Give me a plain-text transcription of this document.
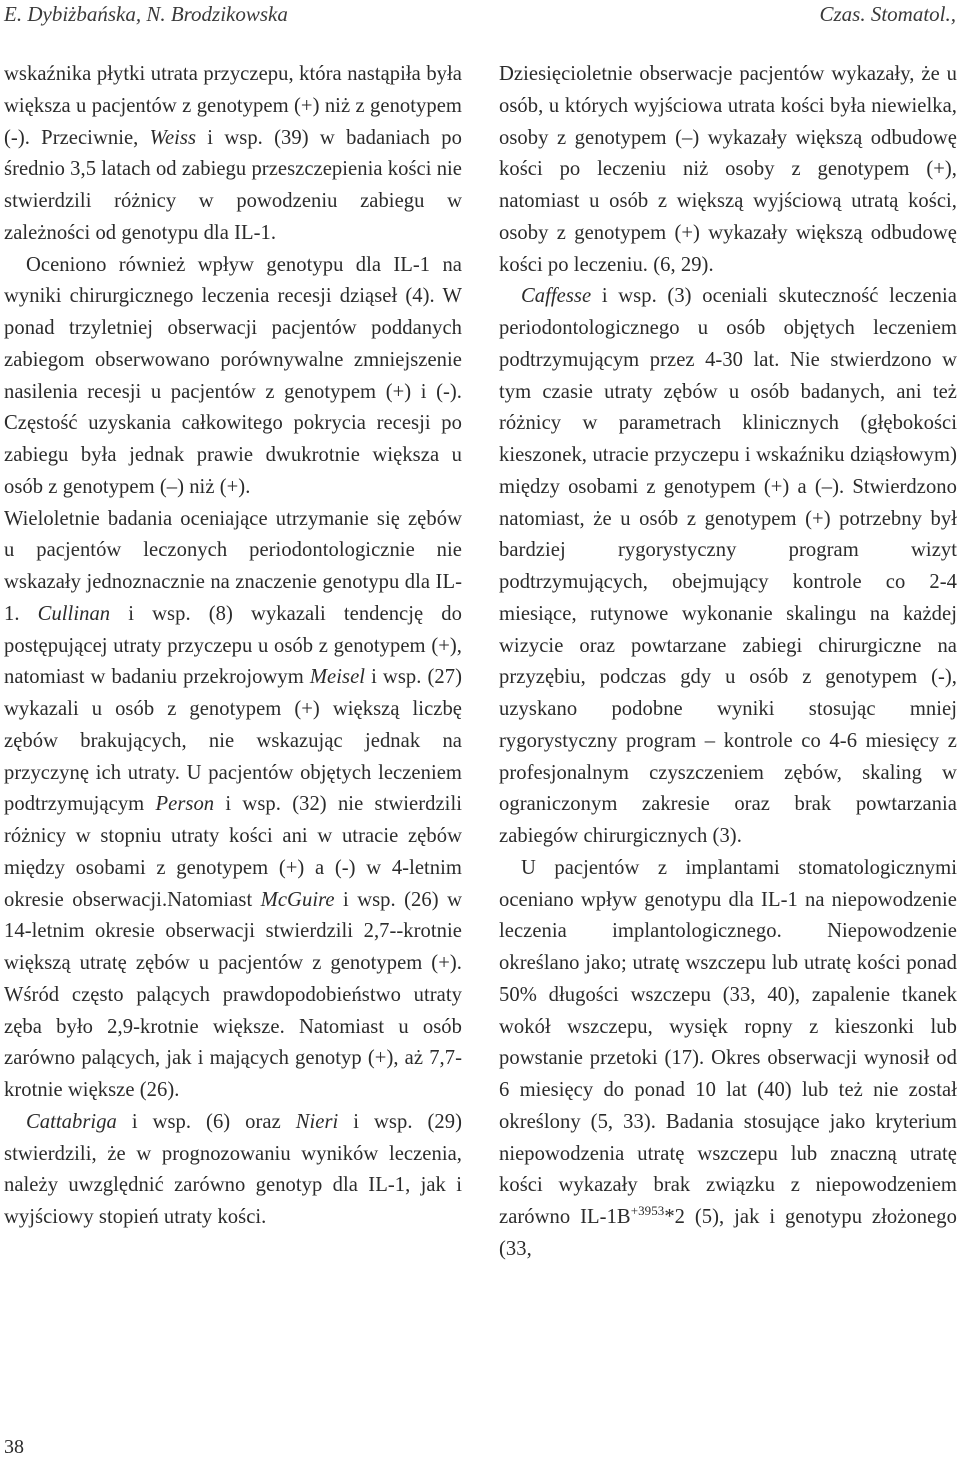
E. Dybiżbańska, N. Brodzikowska	Czas. Stomatol.,

wskaźnika płytki utrata przyczepu, która nastąpiła była większa u pacjentów z genotypem (+) niż z genotypem (-). Przeciwnie, Weiss i wsp. (39) w badaniach po średnio 3,5 latach od zabiegu przeszczepienia kości nie stwierdzili różnicy w powodzeniu zabiegu w zależności od genotypu dla IL-1.

Oceniono również wpływ genotypu dla IL-1 na wyniki chirurgicznego leczenia recesji dziąseł (4). W ponad trzyletniej obserwacji pacjentów poddanych zabiegom obserwowano porównywalne zmniejszenie nasilenia recesji u pacjentów z genotypem (+) i (-). Częstość uzyskania całkowitego pokrycia recesji po zabiegu była jednak prawie dwukrotnie większa u osób z genotypem (–) niż (+).

Wieloletnie badania oceniające utrzymanie się zębów u pacjentów leczonych periodontologicznie nie wskazały jednoznacznie na znaczenie genotypu dla IL-1. Cullinan i wsp. (8) wykazali tendencję do postępującej utraty przyczepu u osób z genotypem (+), natomiast w badaniu przekrojowym Meisel i wsp. (27) wykazali u osób z genotypem (+) większą liczbę zębów brakujących, nie wskazując jednak na przyczynę ich utraty. U pacjentów objętych leczeniem podtrzymującym Person i wsp. (32) nie stwierdzili różnicy w stopniu utraty kości ani w utracie zębów między osobami z genotypem (+) a (-) w 4-letnim okresie obserwacji.Natomiast McGuire i wsp. (26) w 14-letnim okresie obserwacji stwierdzili 2,7--krotnie większą utratę zębów u pacjentów z genotypem (+). Wśród często palących prawdopodobieństwo utraty zęba było 2,9-krotnie większe. Natomiast u osób zarówno palących, jak i mających genotyp (+), aż 7,7-krotnie większe (26).

Cattabriga i wsp. (6) oraz Nieri i wsp. (29) stwierdzili, że w prognozowaniu wyników leczenia, należy uwzględnić zarówno genotyp dla IL-1, jak i wyjściowy stopień utraty kości.

Dziesięcioletnie obserwacje pacjentów wykazały, że u osób, u których wyjściowa utrata kości była niewielka, osoby z genotypem (–) wykazały większą odbudowę kości po leczeniu niż osoby z genotypem (+), natomiast u osób z większą wyjściową utratą kości, osoby z genotypem (+) wykazały większą odbudowę kości po leczeniu. (6, 29).

Caffesse i wsp. (3) oceniali skuteczność leczenia periodontologicznego u osób objętych leczeniem podtrzymującym przez 4-30 lat. Nie stwierdzono w tym czasie utraty zębów u osób badanych, ani też różnicy w parametrach klinicznych (głębokości kieszonek, utracie przyczepu i wskaźniku dziąsłowym) między osobami z genotypem (+) a (–). Stwierdzono natomiast, że u osób z genotypem (+) potrzebny był bardziej rygorystyczny program wizyt podtrzymujących, obejmujący kontrole co 2-4 miesiące, rutynowe wykonanie skalingu na każdej wizycie oraz powtarzane zabiegi chirurgiczne na przyzębiu, podczas gdy u osób z genotypem (-), uzyskano podobne wyniki stosując mniej rygorystyczny program – kontrole co 4-6 miesięcy z profesjonalnym czyszczeniem zębów, skaling w ograniczonym zakresie oraz brak powtarzania zabiegów chirurgicznych (3).

U pacjentów z implantami stomatologicznymi oceniano wpływ genotypu dla IL-1 na niepowodzenie leczenia implantologicznego. Niepowodzenie określano jako; utratę wszczepu lub utratę kości ponad 50% długości wszczepu (33, 40), zapalenie tkanek wokół wszczepu, wysięk ropny z kieszonki lub powstanie przetoki (17). Okres obserwacji wynosił od 6 miesięcy do ponad 10 lat (40) lub też nie został określony (5, 33). Badania stosujące jako kryterium niepowodzenia utratę wszczepu lub znaczną utratę kości wykazały brak związku z niepowodzeniem zarówno $IL-1B^{+3953}*2$ (5), jak i genotypu złożonego (33,

38
